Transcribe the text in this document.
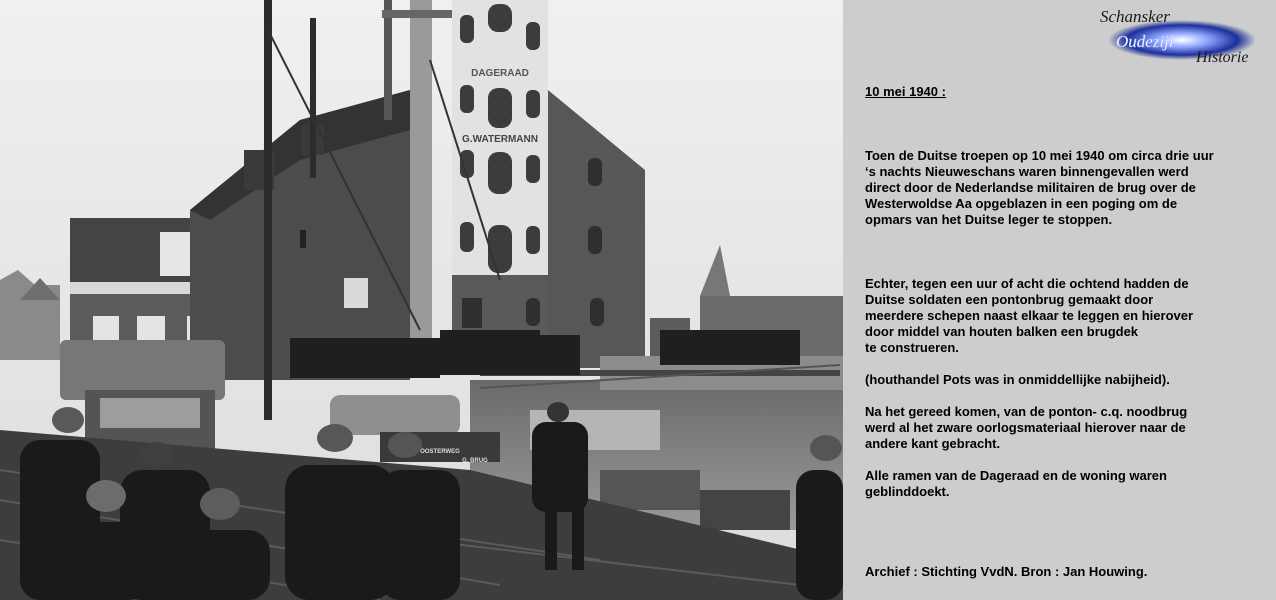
DAGERAAD
G.WATERMANN
OOSTERWEG
G. BRUG
Schansker
Oudezijl
Historie
10 mei 1940 :

Toen de Duitse troepen op 10 mei 1940 om circa drie uur
‘s nachts Nieuweschans waren binnengevallen werd
direct door de Nederlandse militairen de brug over de
Westerwoldse Aa opgeblazen in een poging om de
opmars van het Duitse leger te stoppen.

Echter, tegen een uur of acht die ochtend hadden de
Duitse soldaten een pontonbrug gemaakt door
meerdere schepen naast elkaar te leggen en hierover
door middel van houten balken een brugdek
te construeren.

(houthandel Pots was in onmiddellijke nabijheid).

Na het gereed komen, van de ponton- c.q. noodbrug
werd al het zware oorlogsmateriaal hierover naar de
andere kant gebracht.

Alle ramen van de Dageraad en de woning waren
geblinddoekt.

Archief : Stichting VvdN. Bron : Jan Houwing.
